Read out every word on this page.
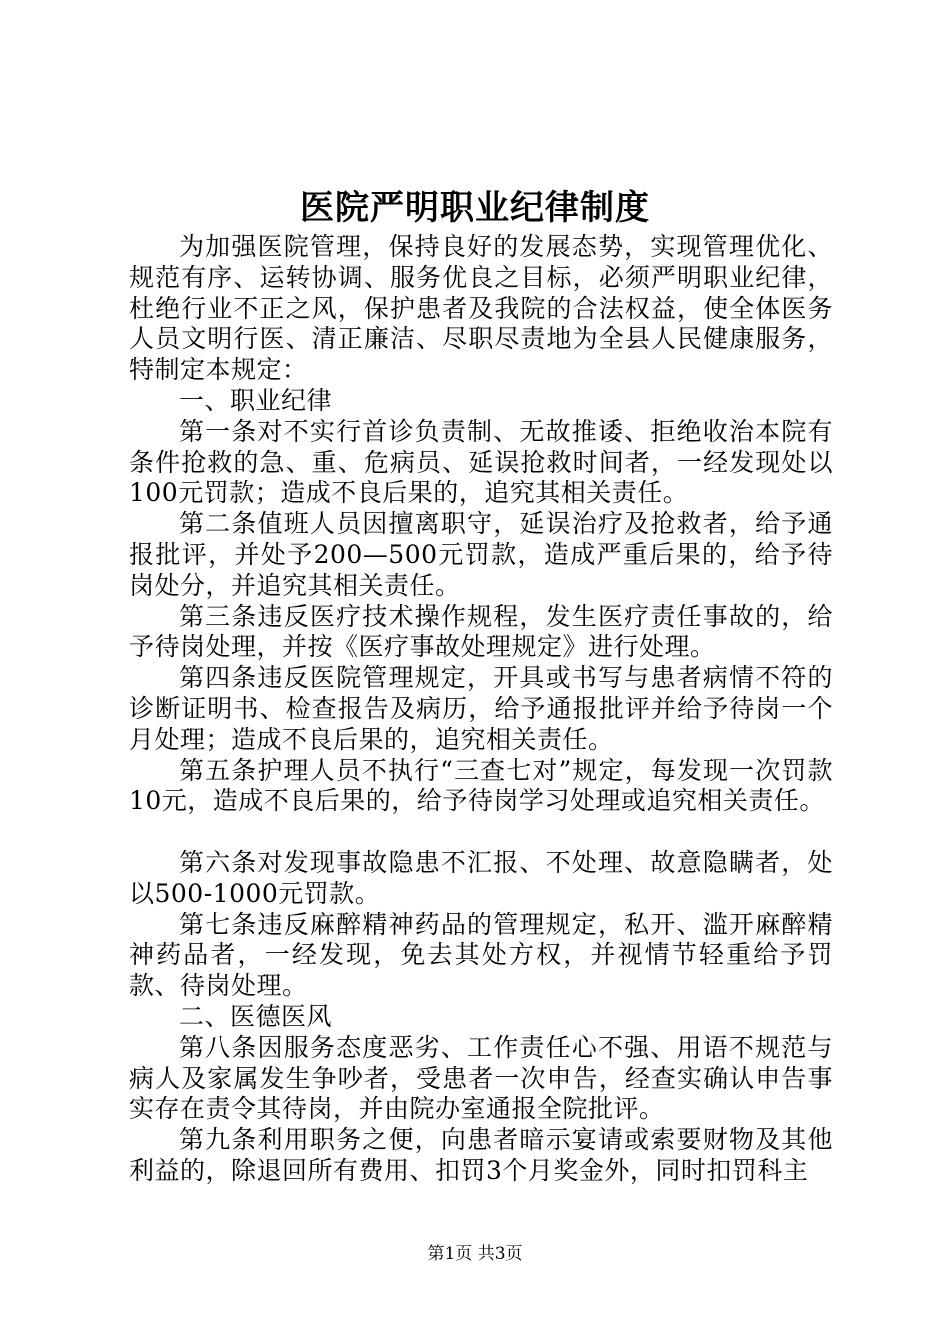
医院严明职业纪律制度

为加强医院管理，保持良好的发展态势，实现管理优化、规范有序、运转协调、服务优良之目标，必须严明职业纪律，杜绝行业不正之风，保护患者及我院的合法权益，使全体医务人员文明行医、清正廉洁、尽职尽责地为全县人民健康服务，特制定本规定：

一、职业纪律

第一条对不实行首诊负责制、无故推诿、拒绝收治本院有条件抢救的急、重、危病员、延误抢救时间者，一经发现处以100元罚款；造成不良后果的，追究其相关责任。

第二条值班人员因擅离职守，延误治疗及抢救者，给予通报批评，并处予200—500元罚款，造成严重后果的，给予待岗处分，并追究其相关责任。

第三条违反医疗技术操作规程，发生医疗责任事故的，给予待岗处理，并按《医疗事故处理规定》进行处理。

第四条违反医院管理规定，开具或书写与患者病情不符的诊断证明书、检查报告及病历，给予通报批评并给予待岗一个月处理；造成不良后果的，追究相关责任。

第五条护理人员不执行“三查七对”规定，每发现一次罚款10元，造成不良后果的，给予待岗学习处理或追究相关责任。

第六条对发现事故隐患不汇报、不处理、故意隐瞒者，处以500-1000元罚款。

第七条违反麻醉精神药品的管理规定，私开、滥开麻醉精神药品者，一经发现，免去其处方权，并视情节轻重给予罚款、待岗处理。

二、医德医风

第八条因服务态度恶劣、工作责任心不强、用语不规范与病人及家属发生争吵者，受患者一次申告，经查实确认申告事实存在责令其待岗，并由院办室通报全院批评。

第九条利用职务之便，向患者暗示宴请或索要财物及其他利益的，除退回所有费用、扣罚3个月奖金外，同时扣罚科主

第1页 共3页
